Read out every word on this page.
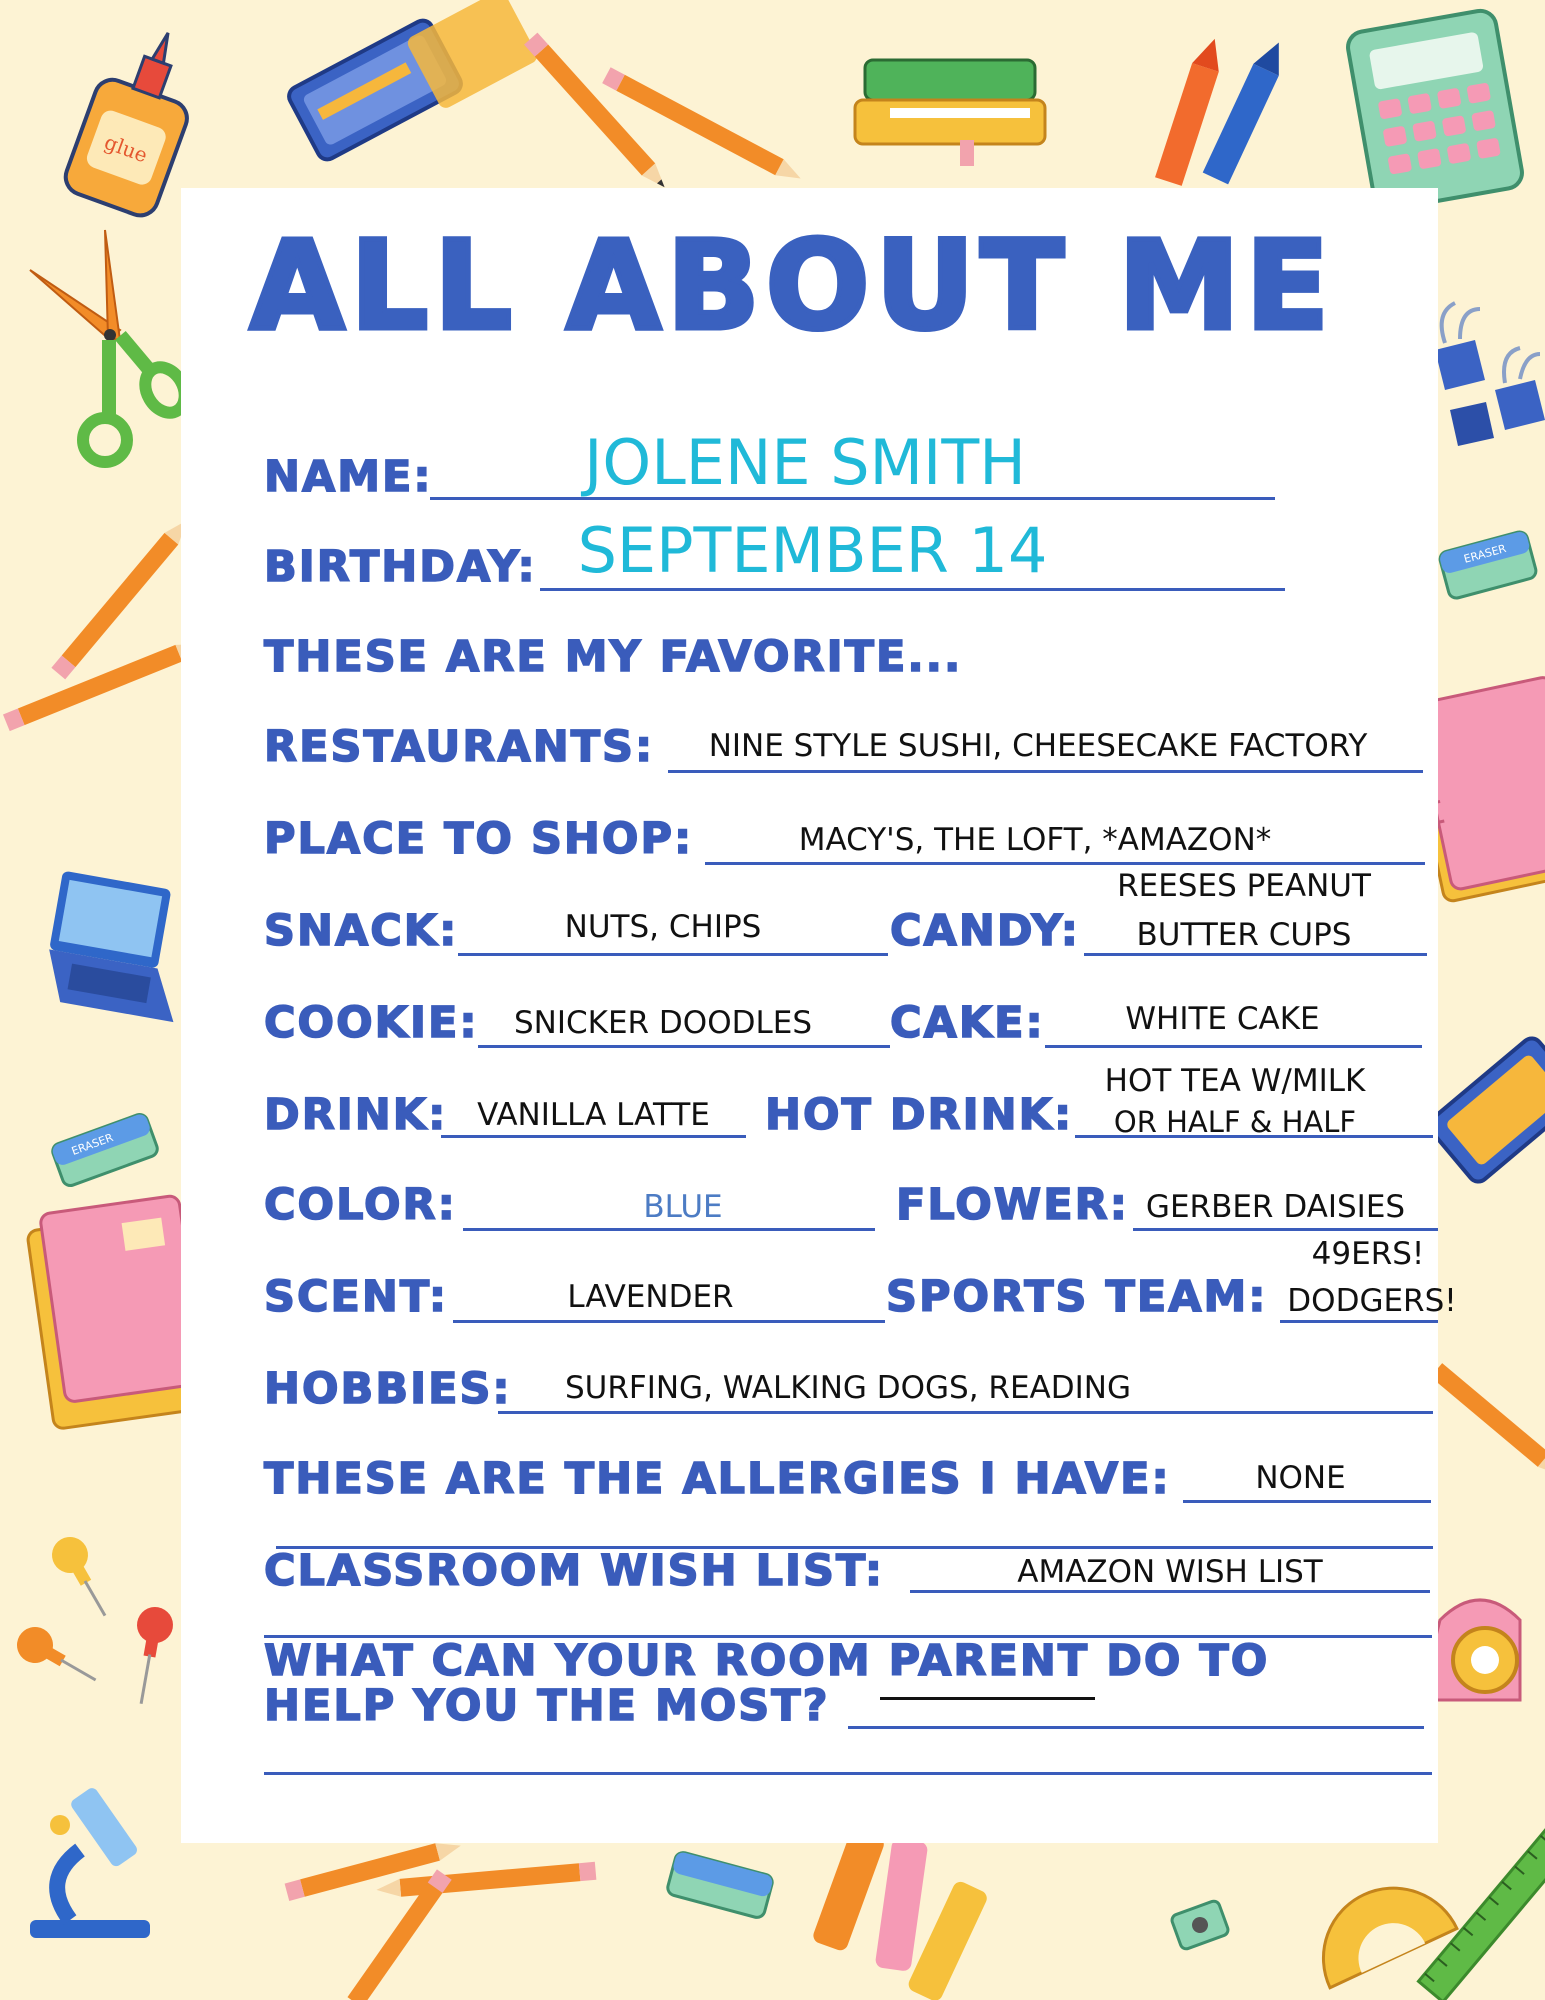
glue
ERASER
ERASER
ALL ABOUT ME
NAME:	JOLENE SMITH
BIRTHDAY: SEPTEMBER 14
THESE ARE MY FAVORITE...
RESTAURANTS:	NINE STYLE SUSHI, CHEESECAKE FACTORY
PLACE TO SHOP:	MACY'S, THE LOFT, *AMAZON*
SNACK:	NUTS, CHIPS	CANDY:
REESES PEANUT
BUTTER CUPS
COOKIE:	SNICKER DOODLES	CAKE:	WHITE CAKE
DRINK: VANILLA LATTE	HOT DRINK:
HOT TEA W/MILK
OR HALF & HALF
COLOR:	BLUE	FLOWER: GERBER DAISIES
SCENT:	LAVENDER	SPORTS TEAM:
49ERS!
DODGERS!
HOBBIES:	SURFING, WALKING DOGS, READING
THESE ARE THE ALLERGIES I HAVE:	NONE
CLASSROOM WISH LIST:	AMAZON WISH LIST
WHAT CAN YOUR ROOM PARENT DO TO
HELP YOU THE MOST?
